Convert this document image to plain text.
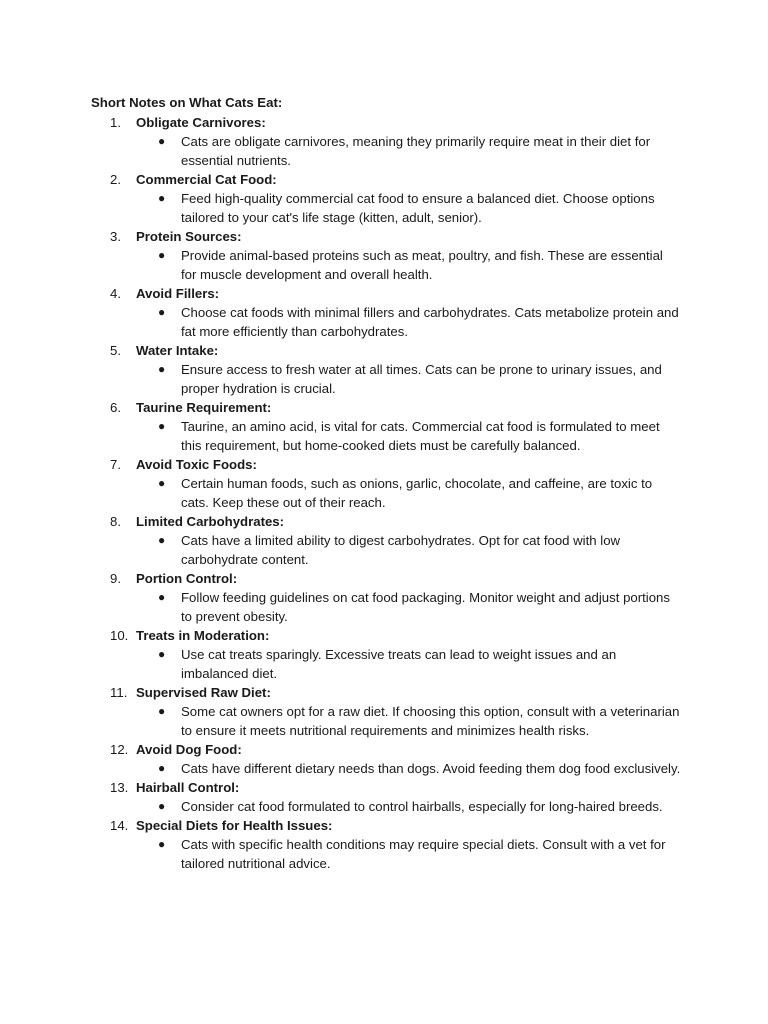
Short Notes on What Cats Eat:
1.	Obligate Carnivores:
● Cats are obligate carnivores, meaning they primarily require meat in their diet for essential nutrients.
2.	Commercial Cat Food:
● Feed high-quality commercial cat food to ensure a balanced diet. Choose options tailored to your cat's life stage (kitten, adult, senior).
3.	Protein Sources:
● Provide animal-based proteins such as meat, poultry, and fish. These are essential for muscle development and overall health.
4.	Avoid Fillers:
● Choose cat foods with minimal fillers and carbohydrates. Cats metabolize protein and fat more efficiently than carbohydrates.
5.	Water Intake:
● Ensure access to fresh water at all times. Cats can be prone to urinary issues, and proper hydration is crucial.
6.	Taurine Requirement:
● Taurine, an amino acid, is vital for cats. Commercial cat food is formulated to meet this requirement, but home-cooked diets must be carefully balanced.
7.	Avoid Toxic Foods:
● Certain human foods, such as onions, garlic, chocolate, and caffeine, are toxic to cats. Keep these out of their reach.
8.	Limited Carbohydrates:
● Cats have a limited ability to digest carbohydrates. Opt for cat food with low carbohydrate content.
9.	Portion Control:
● Follow feeding guidelines on cat food packaging. Monitor weight and adjust portions to prevent obesity.
10. Treats in Moderation:
● Use cat treats sparingly. Excessive treats can lead to weight issues and an imbalanced diet.
11. Supervised Raw Diet:
● Some cat owners opt for a raw diet. If choosing this option, consult with a veterinarian to ensure it meets nutritional requirements and minimizes health risks.
12. Avoid Dog Food:
● Cats have different dietary needs than dogs. Avoid feeding them dog food exclusively.
13. Hairball Control:
● Consider cat food formulated to control hairballs, especially for long-haired breeds.
14. Special Diets for Health Issues:
● Cats with specific health conditions may require special diets. Consult with a vet for tailored nutritional advice.
